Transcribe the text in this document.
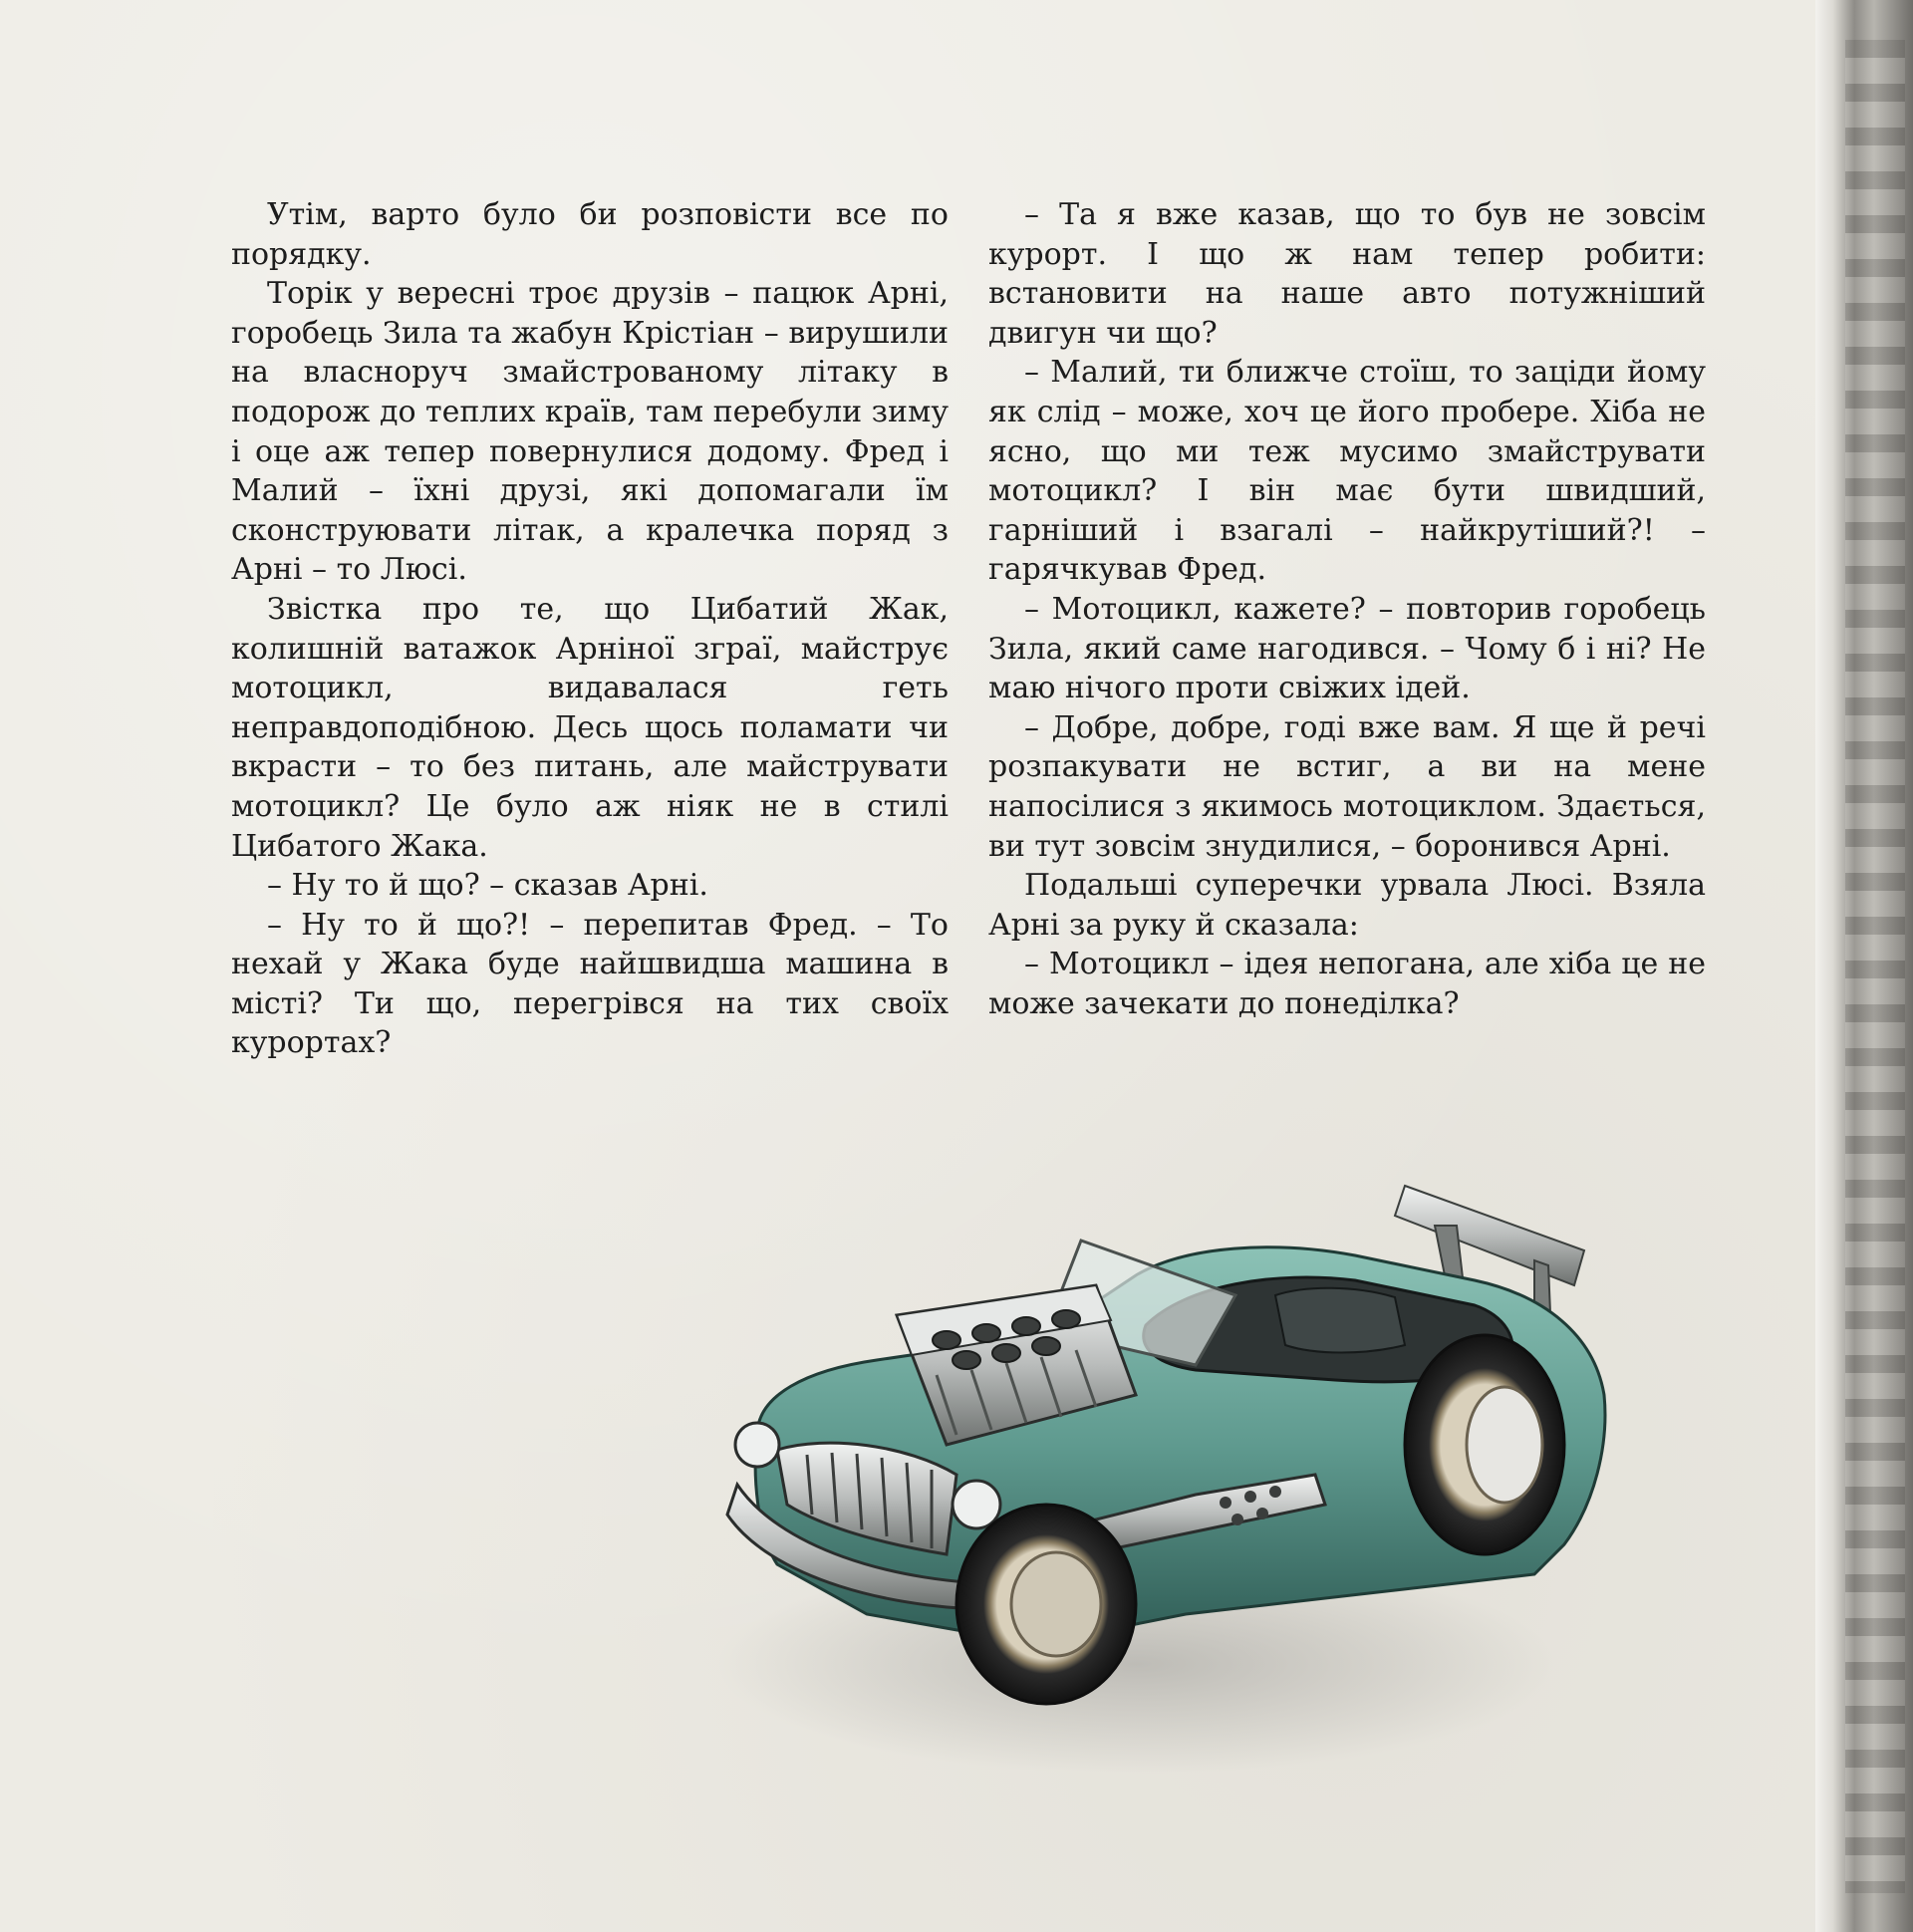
Утім, варто було би розповісти все по порядку.

Торік у вересні троє друзів – пацюк Арні, горобець Зила та жабун Крістіан – вирушили на власноруч змайстрованому літаку в подорож до теплих країв, там перебули зиму і оце аж тепер повернулися додому. Фред і Малий – їхні друзі, які допомагали їм сконструювати літак, а кралечка поряд з Арні – то Люсі.

Звістка про те, що Цибатий Жак, колишній ватажок Арніної зграї, майструє мотоцикл, видавалася геть неправдоподібною. Десь щось поламати чи вкрасти – то без питань, але майструвати мотоцикл? Це було аж ніяк не в стилі Цибатого Жака.

– Ну то й що? – сказав Арні.

– Ну то й що?! – перепитав Фред. – То нехай у Жака буде найшвидша машина в місті? Ти що, перегрівся на тих своїх курортах?

– Та я вже казав, що то був не зовсім курорт. І що ж нам тепер робити: встановити на наше авто потужніший двигун чи що?

– Малий, ти ближче стоїш, то заціди йому як слід – може, хоч це його пробере. Хіба не ясно, що ми теж мусимо змайструвати мотоцикл? І він має бути швидший, гарніший і взагалі – найкрутіший?! – гарячкував Фред.

– Мотоцикл, кажете? – повторив горобець Зила, який саме нагодився. – Чому б і ні? Не маю нічого проти свіжих ідей.

– Добре, добре, годі вже вам. Я ще й речі розпакувати не встиг, а ви на мене напосілися з якимось мотоциклом. Здається, ви тут зовсім знудилися, – боронився Арні.

Подальші суперечки урвала Люсі. Взяла Арні за руку й сказала:

– Мотоцикл – ідея непогана, але хіба це не може зачекати до понеділка?
